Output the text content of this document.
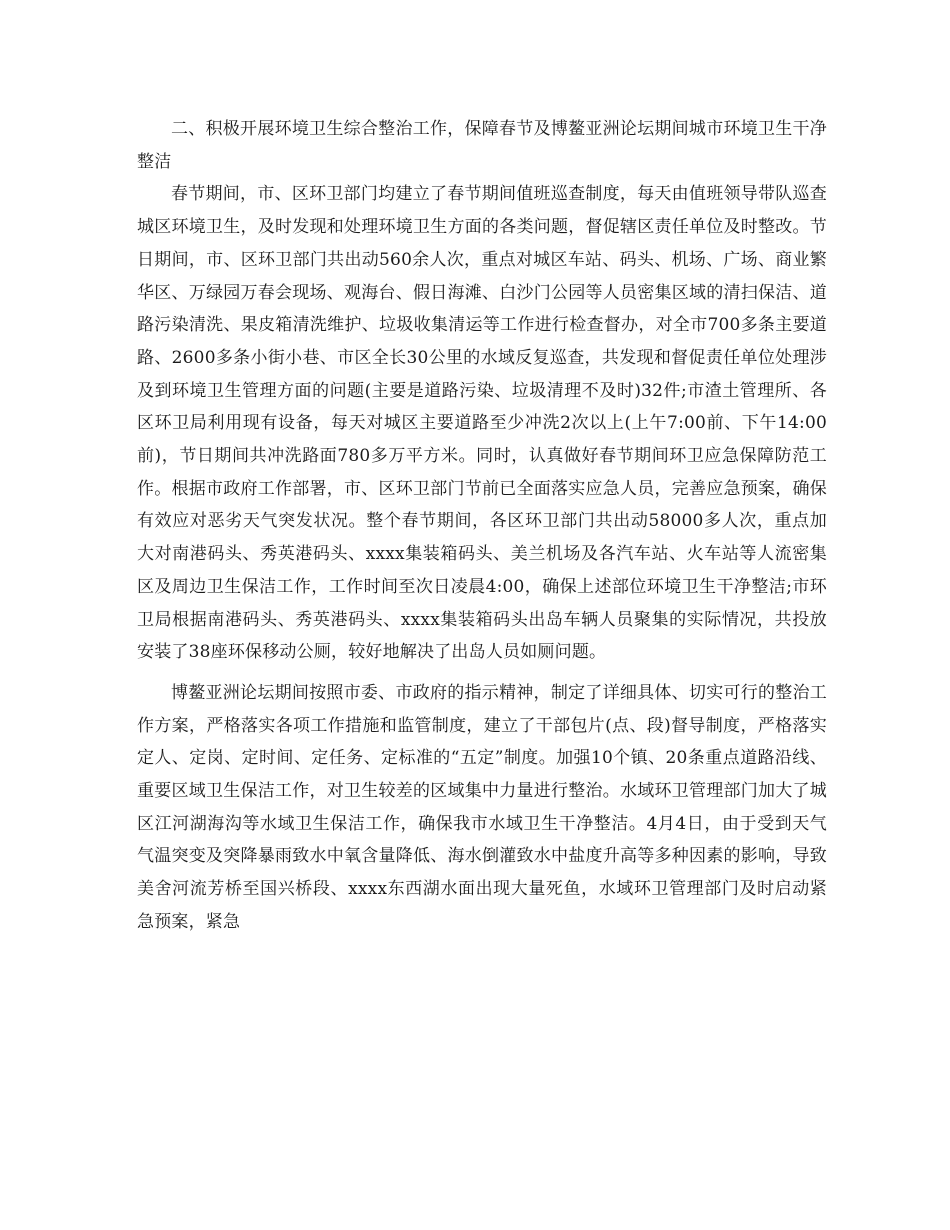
二、积极开展环境卫生综合整治工作，保障春节及博鳌亚洲论坛期间城市环境卫生干净整洁

春节期间，市、区环卫部门均建立了春节期间值班巡查制度，每天由值班领导带队巡查城区环境卫生，及时发现和处理环境卫生方面的各类问题，督促辖区责任单位及时整改。节日期间，市、区环卫部门共出动560余人次，重点对城区车站、码头、机场、广场、商业繁华区、万绿园万春会现场、观海台、假日海滩、白沙门公园等人员密集区域的清扫保洁、道路污染清洗、果皮箱清洗维护、垃圾收集清运等工作进行检查督办，对全市700多条主要道路、2600多条小街小巷、市区全长30公里的水域反复巡查，共发现和督促责任单位处理涉及到环境卫生管理方面的问题(主要是道路污染、垃圾清理不及时)32件;市渣土管理所、各区环卫局利用现有设备，每天对城区主要道路至少冲洗2次以上(上午7:00前、下午14:00前)，节日期间共冲洗路面780多万平方米。同时，认真做好春节期间环卫应急保障防范工作。根据市政府工作部署，市、区环卫部门节前已全面落实应急人员，完善应急预案，确保有效应对恶劣天气突发状况。整个春节期间，各区环卫部门共出动58000多人次，重点加大对南港码头、秀英港码头、xxxx集装箱码头、美兰机场及各汽车站、火车站等人流密集区及周边卫生保洁工作，工作时间至次日凌晨4:00，确保上述部位环境卫生干净整洁;市环卫局根据南港码头、秀英港码头、xxxx集装箱码头出岛车辆人员聚集的实际情况，共投放安装了38座环保移动公厕，较好地解决了出岛人员如厕问题。

博鳌亚洲论坛期间按照市委、市政府的指示精神，制定了详细具体、切实可行的整治工作方案，严格落实各项工作措施和监管制度，建立了干部包片(点、段)督导制度，严格落实定人、定岗、定时间、定任务、定标准的“五定”制度。加强10个镇、20条重点道路沿线、重要区域卫生保洁工作，对卫生较差的区域集中力量进行整治。水域环卫管理部门加大了城区江河湖海沟等水域卫生保洁工作，确保我市水域卫生干净整洁。4月4日，由于受到天气气温突变及突降暴雨致水中氧含量降低、海水倒灌致水中盐度升高等多种因素的影响，导致美舍河流芳桥至国兴桥段、xxxx东西湖水面出现大量死鱼，水域环卫管理部门及时启动紧急预案，紧急
